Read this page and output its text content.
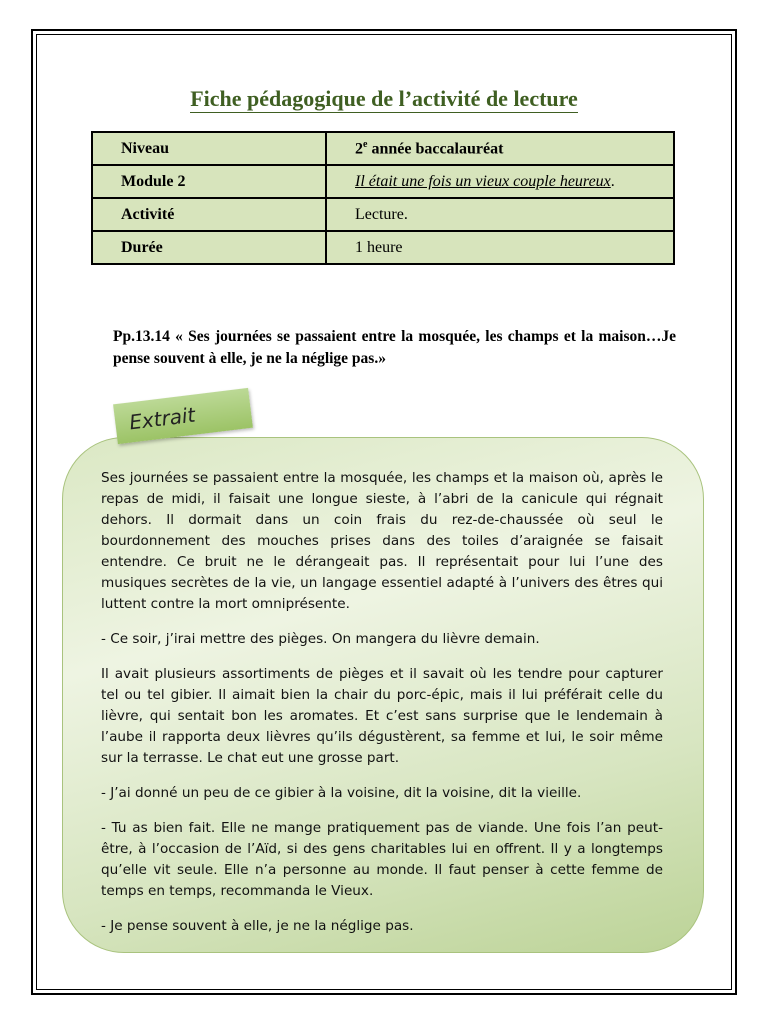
Fiche pédagogique de l’activité de lecture
Niveau	2e année baccalauréat
Module 2	Il était une fois un vieux couple heureux.
Activité	Lecture.
Durée	1 heure
Pp.13.14 « Ses journées se passaient entre la mosquée, les champs et la maison…Je pense souvent à elle, je ne la néglige pas.»
Extrait

Ses journées se passaient entre la mosquée, les champs et la maison où, après le repas de midi, il faisait une longue sieste, à l’abri de la canicule qui régnait dehors. Il dormait dans un coin frais du rez-de-chaussée où seul le bourdonnement des mouches prises dans des toiles d’araignée se faisait entendre. Ce bruit ne le dérangeait pas. Il représentait pour lui l’une des musiques secrètes de la vie, un langage essentiel adapté à l’univers des êtres qui luttent contre la mort omniprésente.

- Ce soir, j’irai mettre des pièges. On mangera du lièvre demain.

Il avait plusieurs assortiments de pièges et il savait où les tendre pour capturer tel ou tel gibier. Il aimait bien la chair du porc-épic, mais il lui préférait celle du lièvre, qui sentait bon les aromates. Et c’est sans surprise que le lendemain à l’aube il rapporta deux lièvres qu’ils dégustèrent, sa femme et lui, le soir même sur la terrasse. Le chat eut une grosse part.

- J’ai donné un peu de ce gibier à la voisine, dit la voisine, dit la vieille.

- Tu as bien fait. Elle ne mange pratiquement pas de viande. Une fois l’an peut-être, à l’occasion de l’Aïd, si des gens charitables lui en offrent. Il y a longtemps qu’elle vit seule. Elle n’a personne au monde. Il faut penser à cette femme de temps en temps, recommanda le Vieux.

- Je pense souvent à elle, je ne la néglige pas.
